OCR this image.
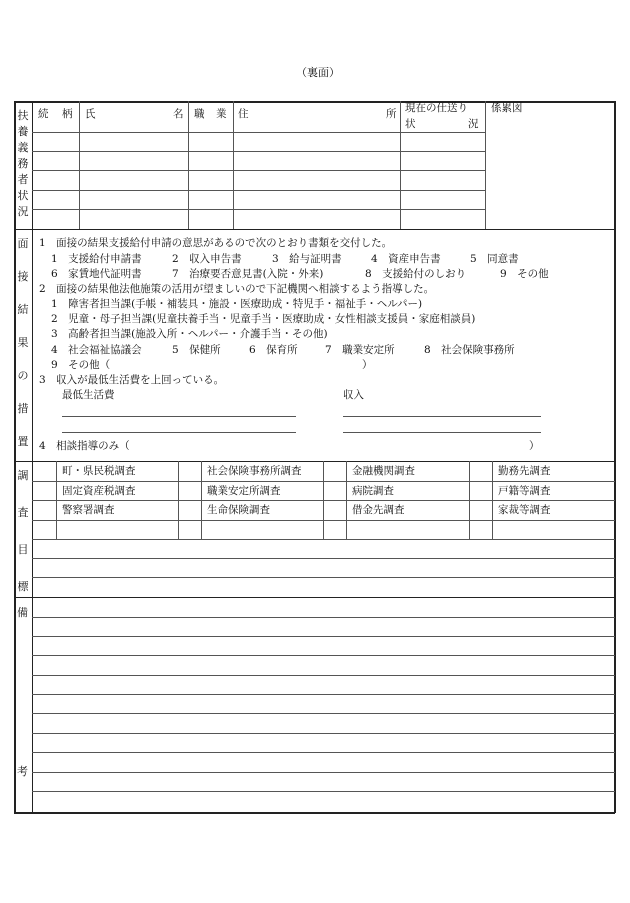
（裏面）
扶
養
義
務
者
状
況
続 柄 氏	名 職 業 住	所 現在の仕送り
状	況
係累図
面
接
結
果
の
措
置
1　面接の結果支援給付申請の意思があるので次のとおり書類を交付した。
1　支援給付申請書	2　収入申告書	3　給与証明書	4　資産申告書	5　同意書
6　家賃地代証明書	7　治療要否意見書(入院・外来)	8　支援給付のしおり	9　その他
2　面接の結果他法他施策の活用が望ましいので下記機関へ相談するよう指導した。
1　障害者担当課(手帳・補装具・施設・医療助成・特児手・福祉手・ヘルパー)
2　児童・母子担当課(児童扶養手当・児童手当・医療助成・女性相談支援員・家庭相談員)
3　高齢者担当課(施設入所・ヘルパー・介護手当・その他)
4　社会福祉協議会	5　保健所	6　保育所	7　職業安定所	8　社会保険事務所
9　その他（	）
3　収入が最低生活費を上回っている。
最低生活費	収入
4　相談指導のみ（	）
町・県民税調査	社会保険事務所調査	金融機関調査	勤務先調査
固定資産税調査	職業安定所調査	病院調査	戸籍等調査
警察署調査	生命保険調査	借金先調査	家裁等調査
調
査
目
標
備
考
